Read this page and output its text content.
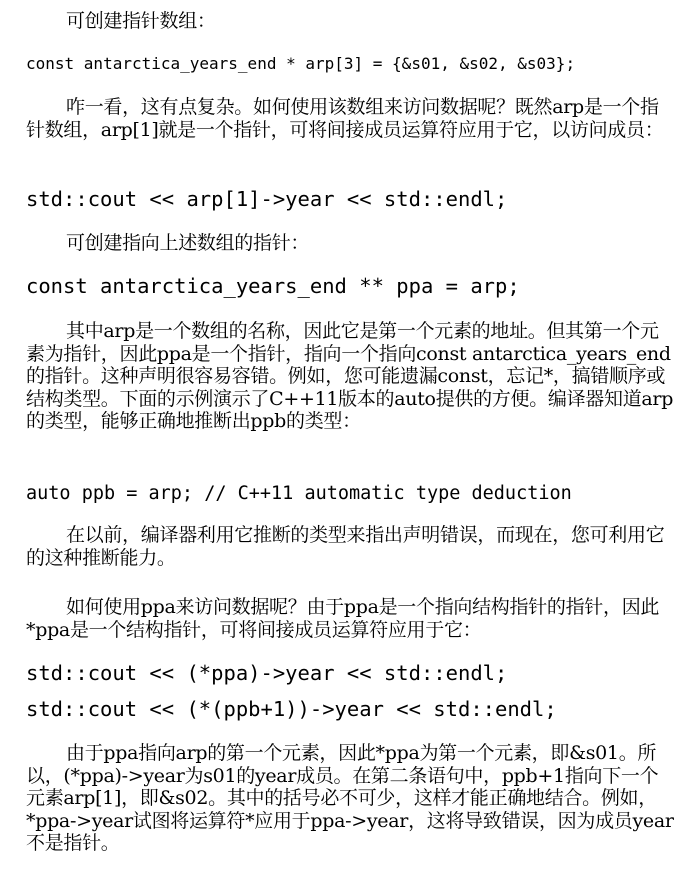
可创建指针数组：

const antarctica_years_end * arp[3] = {&s01, &s02, &s03};

咋一看，这有点复杂。如何使用该数组来访问数据呢？既然arp是一个指针数组，arp[1]就是一个指针，可将间接成员运算符应用于它，以访问成员：

std::cout << arp[1]->year << std::endl;

可创建指向上述数组的指针：

const antarctica_years_end ** ppa = arp;

其中arp是一个数组的名称，因此它是第一个元素的地址。但其第一个元素为指针，因此ppa是一个指针，指向一个指向const antarctica_years_end的指针。这种声明很容易容错。例如，您可能遗漏const，忘记*，搞错顺序或结构类型。下面的示例演示了C++11版本的auto提供的方便。编译器知道arp的类型，能够正确地推断出ppb的类型：

auto ppb = arp; // C++11 automatic type deduction

在以前，编译器利用它推断的类型来指出声明错误，而现在，您可利用它的这种推断能力。

如何使用ppa来访问数据呢？由于ppa是一个指向结构指针的指针，因此*ppa是一个结构指针，可将间接成员运算符应用于它：

std::cout << (*ppa)->year << std::endl;
std::cout << (*(ppb+1))->year << std::endl;

由于ppa指向arp的第一个元素，因此*ppa为第一个元素，即&s01。所以，(*ppa)->year为s01的year成员。在第二条语句中，ppb+1指向下一个元素arp[1]，即&s02。其中的括号必不可少，这样才能正确地结合。例如，*ppa->year试图将运算符*应用于ppa->year，这将导致错误，因为成员year不是指针。
